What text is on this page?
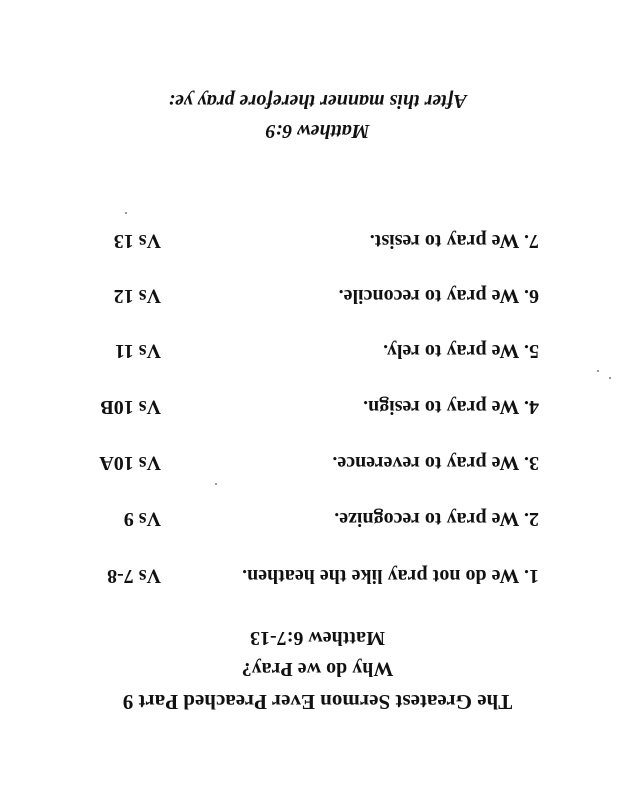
The Greatest Sermon Ever Preached Part 9
Why do we Pray?
Matthew 6:7-13
1. We do not pray like the heathen.
Vs 7-8
2. We pray to recognize.
Vs 9
3. We pray to reverence.
Vs 10A
4. We pray to resign.
Vs 10B
5. We pray to rely.
Vs 11
6. We pray to reconcile.
Vs 12
7. We pray to resist.
Vs 13
Matthew 6:9
After this manner therefore pray ye:
